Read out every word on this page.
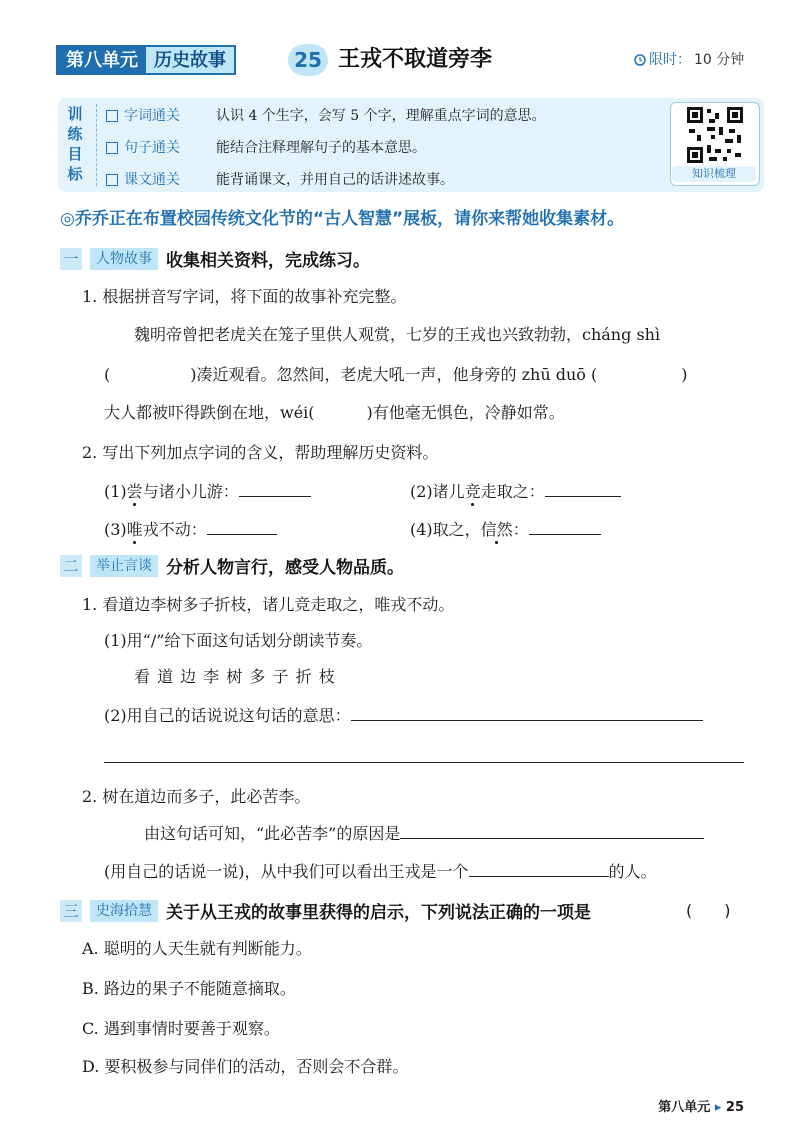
第八单元 历史故事	25 王戎不取道旁李	限时： 10 分钟
训
练
目
标
字词通关	认识 4 个生字，会写 5 个字，理解重点字词的意思。
句子通关	能结合注释理解句子的基本意思。
课文通关	能背诵课文，并用自己的话讲述故事。	知识梳理
◎乔乔正在布置校园传统文化节的“古人智慧”展板，请你来帮她收集素材。
一	人物故事 收集相关资料，完成练习。
1. 根据拼音写字词，将下面的故事补充完整。
魏明帝曾把老虎关在笼子里供人观赏，七岁的王戎也兴致勃勃，cháng shì
(	)凑近观看。忽然间，老虎大吼一声，他身旁的 zhū duō (	)
大人都被吓得跌倒在地，wéi(	)有他毫无惧色，冷静如常。
2. 写出下列加点字词的含义，帮助理解历史资料。
(1)尝与诸小儿游：	(2)诸儿竞走取之：
(3)唯戎不动：	(4)取之，信然：
二	举止言谈 分析人物言行，感受人物品质。
1. 看道边李树多子折枝，诸儿竞走取之，唯戎不动。
(1)用“/”给下面这句话划分朗读节奏。
看 道 边 李 树 多 子 折 枝
(2)用自己的话说说这句话的意思：
2. 树在道边而多子，此必苦李。
由这句话可知，“此必苦李”的原因是
(用自己的话说一说)，从中我们可以看出王戎是一个	的人。
三	史海拾慧 关于从王戎的故事里获得的启示，下列说法正确的一项是	(　　)
A. 聪明的人天生就有判断能力。
B. 路边的果子不能随意摘取。
C. 遇到事情时要善于观察。
D. 要积极参与同伴们的活动，否则会不合群。
第八单元 ▸ 25
